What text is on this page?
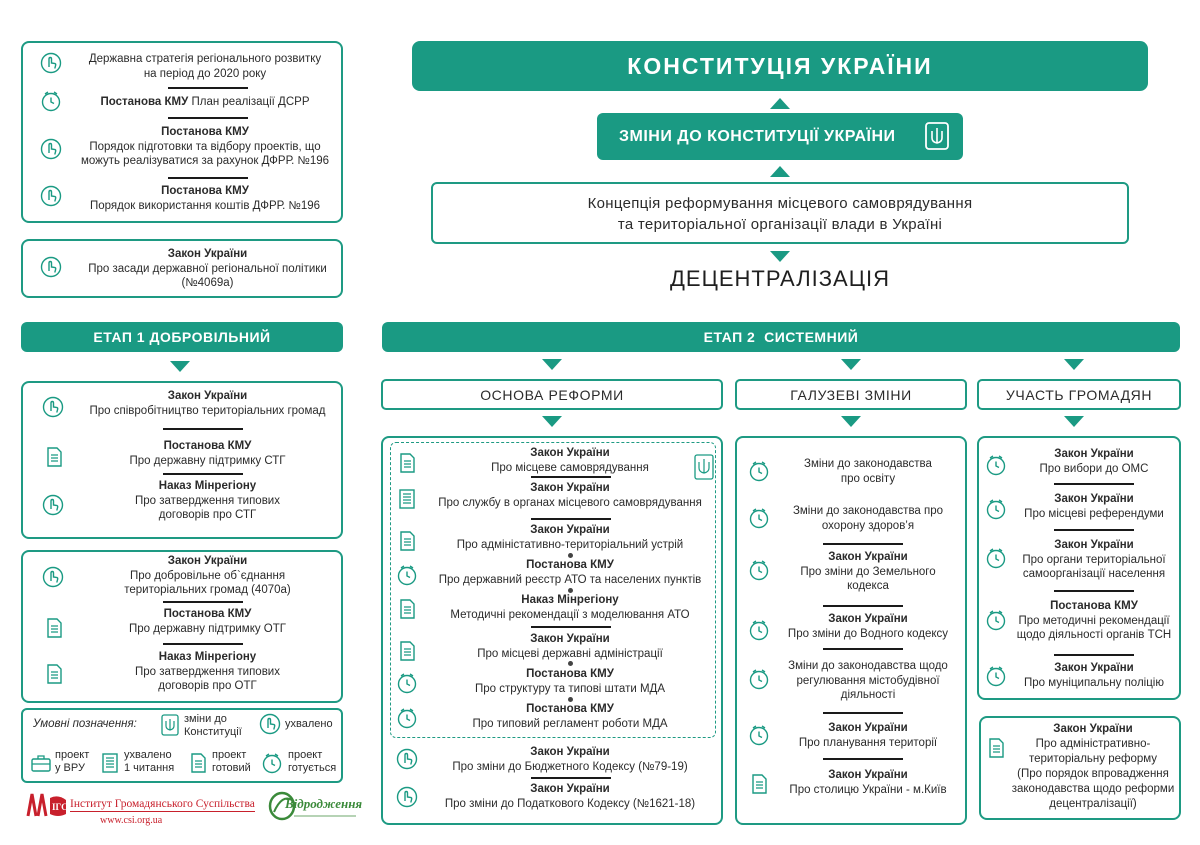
КОНСТИТУЦІЯ УКРАЇНИ
ЗМІНИ ДО КОНСТИТУЦІЇ УКРАЇНИ
Концепція реформування місцевого самоврядування
та територіальної організації влади в Україні
ДЕЦЕНТРАЛІЗАЦІЯ
Державна стратегія регіонального розвитку
на період до 2020 року
Постанова КМУ План реалізації ДСРР
Постанова КМУ
Порядок підготовки та відбору проектів, що
можуть реалізуватися за рахунок ДФРР. №196
Постанова КМУ
Порядок використання коштів ДФРР. №196
Закон України
Про засади державної регіональної політики
(№4069а)
ЕТАП 1 ДОБРОВІЛЬНИЙ
Закон України
Про співробітництво територіальних громад
Постанова КМУ
Про державну підтримку СТГ
Наказ Мінрегіону
Про затвердження типових
договорів про СТГ
Закон України
Про добровільне об`єднання
територіальних громад (4070а)
Постанова КМУ
Про державну підтримку ОТГ
Наказ Мінрегіону
Про затвердження типових
договорів про ОТГ
Умовні позначення:	зміни до
Конституції
ухвалено
проект
у ВРУ
ухвалено
1 читання
проект
готовий
проект
готується
ІГС Інститут Громадянського Суспільства
www.csi.org.ua
Відродження
ЕТАП 2  СИСТЕМНИЙ
ОСНОВА РЕФОРМИ	ГАЛУЗЕВІ ЗМІНИ	УЧАСТЬ ГРОМАДЯН
Закон України
Про місцеве самоврядування
Закон України
Про службу в органах місцевого самоврядування
Закон України
Про адміністативно-територіальний устрій
Постанова КМУ
Про державний реєстр АТО та населених пунктів
Наказ Мінрегіону
Методичні рекомендації з моделювання АТО
Закон України
Про місцеві державні адміністрації
Постанова КМУ
Про структуру та типові штати МДА
Постанова КМУ
Про типовий регламент роботи МДА
Закон України
Про зміни до Бюджетного Кодексу (№79-19)
Закон України
Про зміни до Податкового Кодексу (№1621-18)
Зміни до законодавства
про освіту
Зміни до законодавства про
охорону здоров’я
Закон України
Про зміни до Земельного
кодекса
Закон України
Про зміни до Водного кодексу
Зміни до законодавства щодо
регулювання містобудівної
діяльності
Закон України
Про планування території
Закон України
Про столицю України - м.Київ
Закон України
Про вибори до ОМС
Закон України
Про місцеві референдуми
Закон України
Про органи територіальної
самоорганізації населення
Постанова КМУ
Про методичні рекомендації
щодо діяльності органів ТСН
Закон України
Про муніципальну поліцію
Закон України
Про адміністративно-
територіальну реформу
(Про порядок впровадження
законодавства щодо реформи
децентралізації)
